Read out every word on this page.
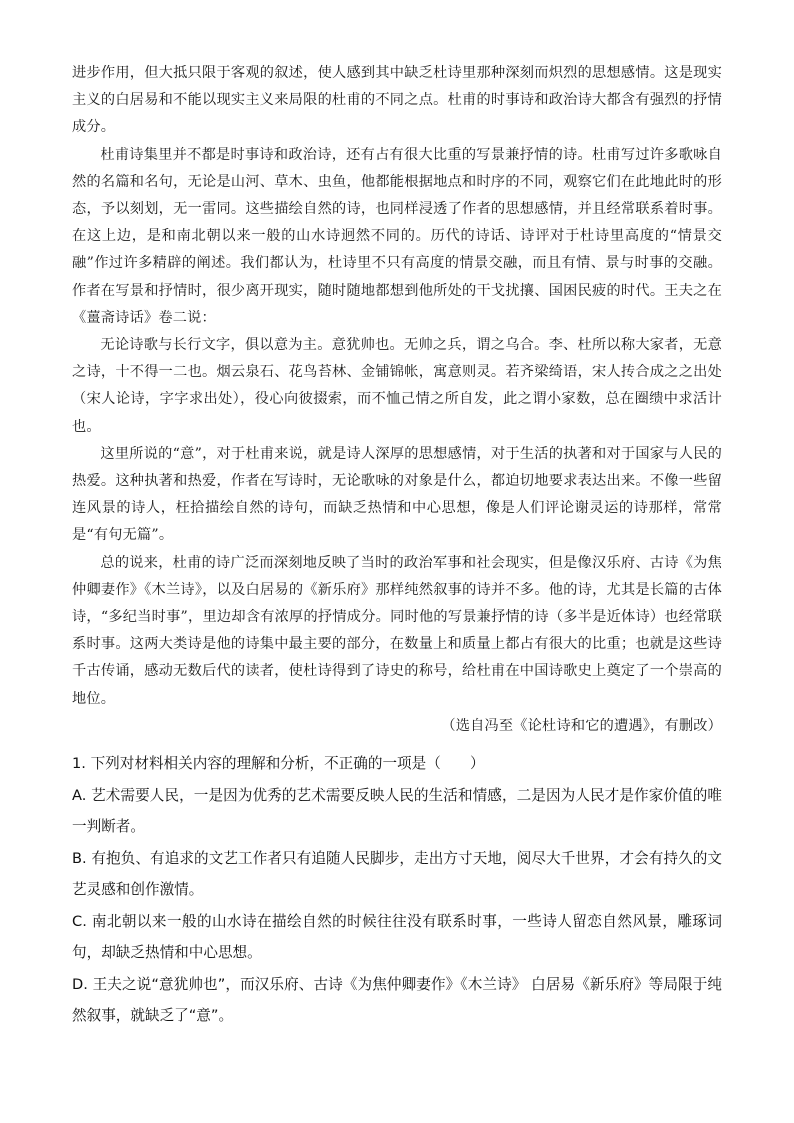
进步作用，但大抵只限于客观的叙述，使人感到其中缺乏杜诗里那种深刻而炽烈的思想感情。这是现实主义的白居易和不能以现实主义来局限的杜甫的不同之点。杜甫的时事诗和政治诗大都含有强烈的抒情成分。

杜甫诗集里并不都是时事诗和政治诗，还有占有很大比重的写景兼抒情的诗。杜甫写过许多歌咏自然的名篇和名句，无论是山河、草木、虫鱼，他都能根据地点和时序的不同，观察它们在此地此时的形态，予以刻划，无一雷同。这些描绘自然的诗，也同样浸透了作者的思想感情，并且经常联系着时事。在这上边，是和南北朝以来一般的山水诗迥然不同的。历代的诗话、诗评对于杜诗里高度的“情景交融”作过许多精辟的阐述。我们都认为，杜诗里不只有高度的情景交融，而且有情、景与时事的交融。作者在写景和抒情时，很少离开现实，随时随地都想到他所处的干戈扰攘、国困民疲的时代。王夫之在《薑斋诗话》卷二说：

无论诗歌与长行文字，俱以意为主。意犹帅也。无帅之兵，谓之乌合。李、杜所以称大家者，无意之诗，十不得一二也。烟云泉石、花鸟苔林、金铺锦帐，寓意则灵。若齐梁绮语，宋人抟合成之之出处（宋人论诗，字字求出处），役心向彼掇索，而不恤己情之所自发，此之谓小家数，总在圈缋中求活计也。

这里所说的“意”，对于杜甫来说，就是诗人深厚的思想感情，对于生活的执著和对于国家与人民的热爱。这种执著和热爱，作者在写诗时，无论歌咏的对象是什么，都迫切地要求表达出来。不像一些留连风景的诗人，枉拾描绘自然的诗句，而缺乏热情和中心思想，像是人们评论谢灵运的诗那样，常常是“有句无篇”。

总的说来，杜甫的诗广泛而深刻地反映了当时的政治军事和社会现实，但是像汉乐府、古诗《为焦仲卿妻作》《木兰诗》，以及白居易的《新乐府》那样纯然叙事的诗并不多。他的诗，尤其是长篇的古体诗，“多纪当时事”，里边却含有浓厚的抒情成分。同时他的写景兼抒情的诗（多半是近体诗）也经常联系时事。这两大类诗是他的诗集中最主要的部分，在数量上和质量上都占有很大的比重；也就是这些诗千古传诵，感动无数后代的读者，使杜诗得到了诗史的称号，给杜甫在中国诗歌史上奠定了一个崇高的地位。

（选自冯至《论杜诗和它的遭遇》，有删改）

1. 下列对材料相关内容的理解和分析，不正确的一项是（　　）

A. 艺术需要人民，一是因为优秀的艺术需要反映人民的生活和情感，二是因为人民才是作家价值的唯一判断者。

B. 有抱负、有追求的文艺工作者只有追随人民脚步，走出方寸天地，阅尽大千世界，才会有持久的文艺灵感和创作激情。

C. 南北朝以来一般的山水诗在描绘自然的时候往往没有联系时事，一些诗人留恋自然风景，雕琢词句，却缺乏热情和中心思想。

D. 王夫之说“意犹帅也”，而汉乐府、古诗《为焦仲卿妻作》《木兰诗》 白居易《新乐府》等局限于纯然叙事，就缺乏了“意”。
